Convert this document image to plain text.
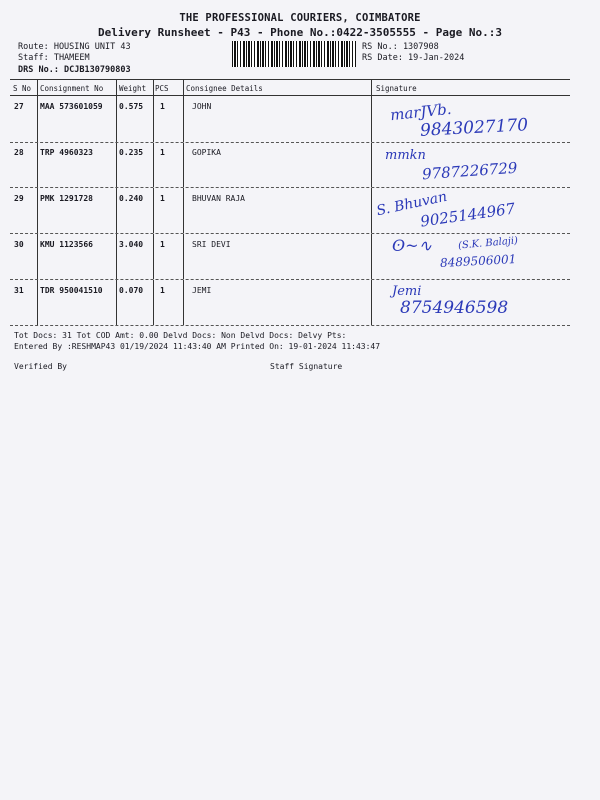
THE PROFESSIONAL COURIERS, COIMBATORE
Delivery Runsheet - P43 - Phone No.:0422-3505555 - Page No.:3
Route: HOUSING UNIT 43
Staff: THAMEEM
DRS No.: DCJB130790803
RS No.: 1307908
RS Date: 19-Jan-2024
S No Consignment No Weight PCS Consignee Details	Signature
27 MAA 573601059 0.575 1	JOHN	marJVb.
9843027170
28 TRP 4960323	0.235 1	GOPIKA	mmkn
9787226729
29 PMK 1291728	0.240 1	BHUVAN RAJA	S. Bhuvan
9025144967
30 KMU 1123566	3.040 1	SRI DEVI	ʘ~∿	(S.K. Balaji)
8489506001
31 TDR 950041510 0.070 1	JEMI	Jemi
8754946598
Tot Docs: 31 Tot COD Amt: 0.00 Delvd Docs: Non Delvd Docs: Delvy Pts:
Entered By :RESHMAP43 01/19/2024 11:43:40 AM Printed On: 19-01-2024 11:43:47
Verified By	Staff Signature
